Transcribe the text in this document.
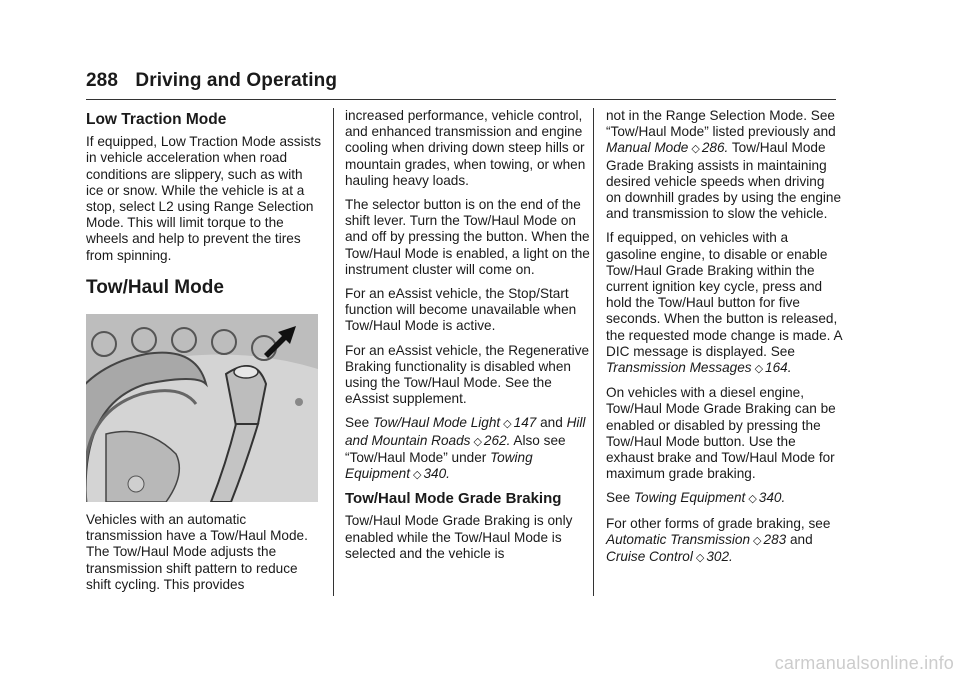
288 Driving and Operating
Low Traction Mode

If equipped, Low Traction Mode assists in vehicle acceleration when road conditions are slippery, such as with ice or snow. While the vehicle is at a stop, select L2 using Range Selection Mode. This will limit torque to the wheels and help to prevent the tires from spinning.

Tow/Haul Mode

Vehicles with an automatic transmission have a Tow/Haul Mode. The Tow/Haul Mode adjusts the transmission shift pattern to reduce shift cycling. This provides

increased performance, vehicle control, and enhanced transmission and engine cooling when driving down steep hills or mountain grades, when towing, or when hauling heavy loads.

The selector button is on the end of the shift lever. Turn the Tow/Haul Mode on and off by pressing the button. When the Tow/Haul Mode is enabled, a light on the instrument cluster will come on.

For an eAssist vehicle, the Stop/Start function will become unavailable when Tow/Haul Mode is active.

For an eAssist vehicle, the Regenerative Braking functionality is disabled when using the Tow/Haul Mode. See the eAssist supplement.

See Tow/Haul Mode Light ◇ 147 and Hill and Mountain Roads ◇ 262. Also see “Tow/Haul Mode” under Towing Equipment ◇ 340.

Tow/Haul Mode Grade Braking

Tow/Haul Mode Grade Braking is only enabled while the Tow/Haul Mode is selected and the vehicle is

not in the Range Selection Mode. See “Tow/Haul Mode” listed previously and Manual Mode ◇ 286. Tow/Haul Mode Grade Braking assists in maintaining desired vehicle speeds when driving on downhill grades by using the engine and transmission to slow the vehicle.

If equipped, on vehicles with a gasoline engine, to disable or enable Tow/Haul Grade Braking within the current ignition key cycle, press and hold the Tow/Haul button for five seconds. When the button is released, the requested mode change is made. A DIC message is displayed. See Transmission Messages ◇ 164.

On vehicles with a diesel engine, Tow/Haul Mode Grade Braking can be enabled or disabled by pressing the Tow/Haul Mode button. Use the exhaust brake and Tow/Haul Mode for maximum grade braking.

See Towing Equipment ◇ 340.

For other forms of grade braking, see Automatic Transmission ◇ 283 and Cruise Control ◇ 302.

carmanualsonline.info
